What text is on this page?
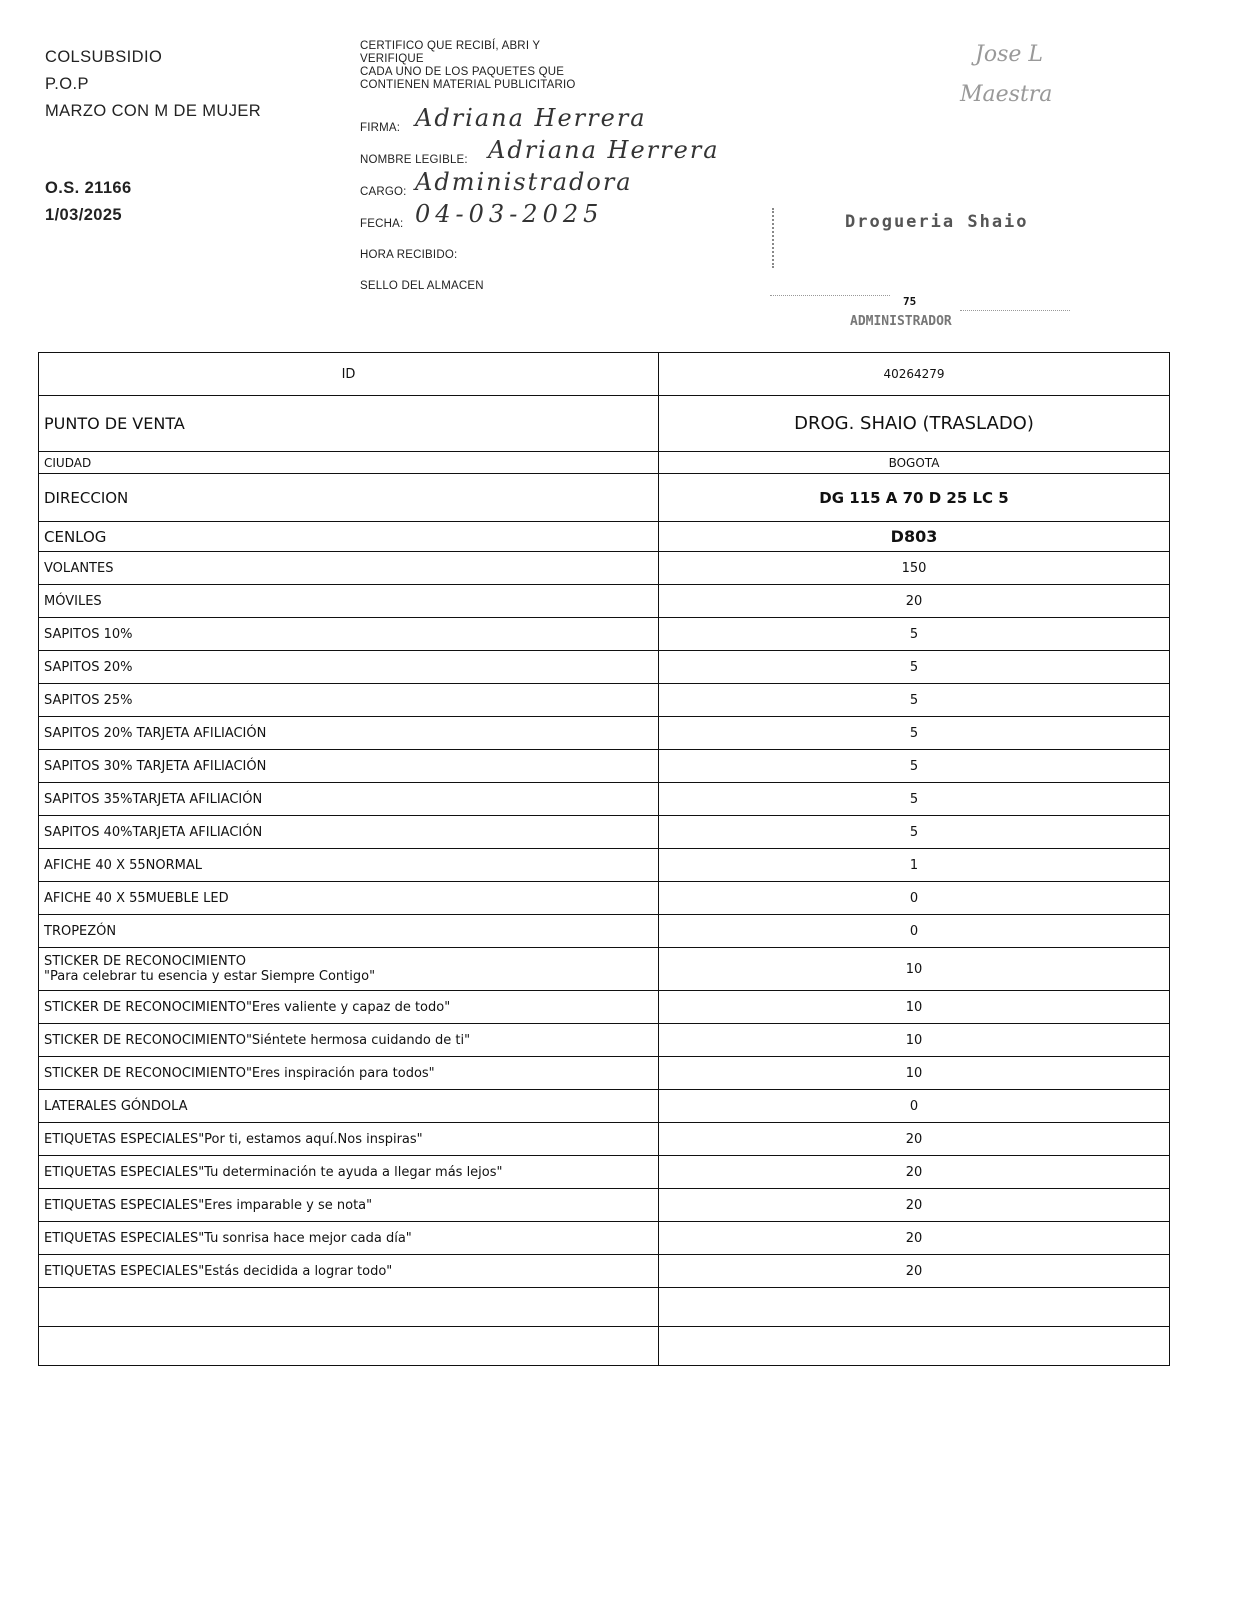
COLSUBSIDIO
P.O.P
MARZO CON M DE MUJER
O.S. 21166
1/03/2025
CERTIFICO QUE RECIBÍ, ABRI Y
VERIFIQUE
CADA UNO DE LOS PAQUETES QUE
CONTIENEN MATERIAL PUBLICITARIO
FIRMA: Adriana Herrera
NOMBRE LEGIBLE: Adriana Herrera
CARGO: Administradora
FECHA: 04-03-2025
HORA RECIBIDO:
SELLO DEL ALMACEN
Jose L
Maestra
Drogueria Shaio
75
ADMINISTRADOR
ID	40264279

PUNTO DE VENTA	DROG. SHAIO (TRASLADO)

CIUDAD	BOGOTA

DIRECCION	DG 115 A 70 D 25 LC 5

CENLOG	D803

VOLANTES	150

MÓVILES	20

SAPITOS 10%	5

SAPITOS 20%	5

SAPITOS 25%	5

SAPITOS 20% TARJETA AFILIACIÓN	5

SAPITOS 30% TARJETA AFILIACIÓN	5

SAPITOS 35%TARJETA AFILIACIÓN	5

SAPITOS 40%TARJETA AFILIACIÓN	5

AFICHE 40 X 55NORMAL	1

AFICHE 40 X 55MUEBLE LED	0

TROPEZÓN	0

STICKER DE RECONOCIMIENTO
"Para celebrar tu esencia y estar Siempre Contigo"	10

STICKER DE RECONOCIMIENTO"Eres valiente y capaz de todo"	10

STICKER DE RECONOCIMIENTO"Siéntete hermosa cuidando de ti"	10

STICKER DE RECONOCIMIENTO"Eres inspiración para todos"	10

LATERALES GÓNDOLA	0

ETIQUETAS ESPECIALES"Por ti, estamos aquí.Nos inspiras"	20

ETIQUETAS ESPECIALES"Tu determinación te ayuda a llegar más lejos"	20

ETIQUETAS ESPECIALES"Eres imparable y se nota"	20

ETIQUETAS ESPECIALES"Tu sonrisa hace mejor cada día"	20

ETIQUETAS ESPECIALES"Estás decidida a lograr todo"	20
